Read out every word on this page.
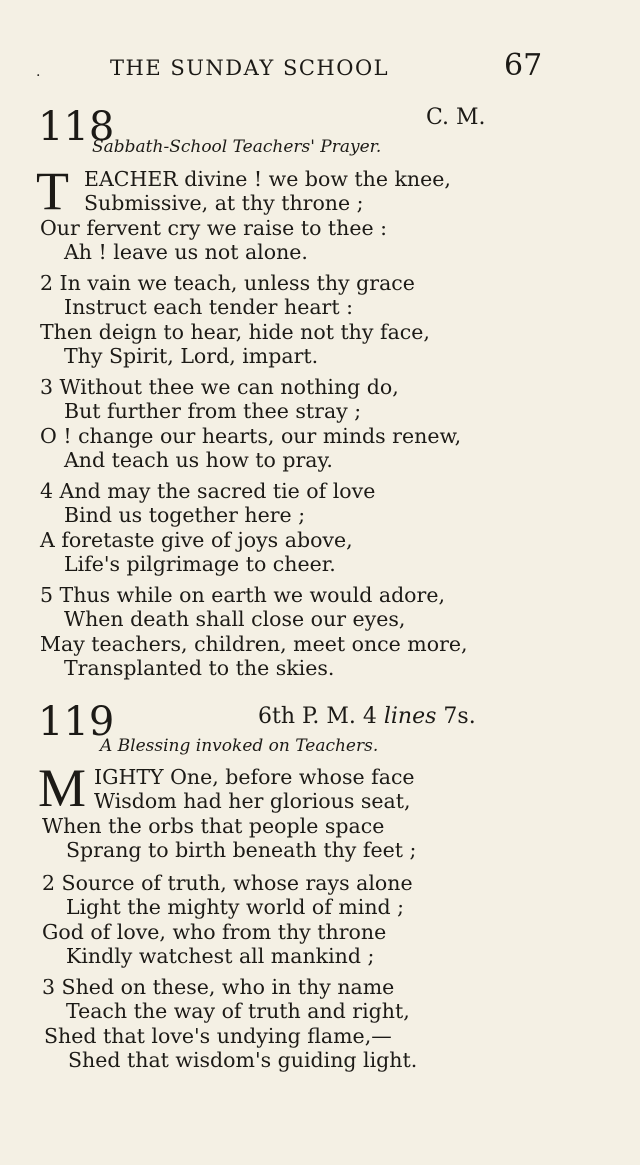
.	THE SUNDAY SCHOOL	67
118	C. M.
Sabbath-School Teachers' Prayer.
T EACHER divine ! we bow the knee,
Submissive, at thy throne ;
Our fervent cry we raise to thee :
Ah ! leave us not alone.
2 In vain we teach, unless thy grace
Instruct each tender heart :
Then deign to hear, hide not thy face,
Thy Spirit, Lord, impart.
3 Without thee we can nothing do,
But further from thee stray ;
O ! change our hearts, our minds renew,
And teach us how to pray.
4 And may the sacred tie of love
Bind us together here ;
A foretaste give of joys above,
Life's pilgrimage to cheer.
5 Thus while on earth we would adore,
When death shall close our eyes,
May teachers, children, meet once more,
Transplanted to the skies.
119	6th P. M. 4 lines 7s.
A Blessing invoked on Teachers.
M IGHTY One, before whose face
Wisdom had her glorious seat,
When the orbs that people space
Sprang to birth beneath thy feet ;
2 Source of truth, whose rays alone
Light the mighty world of mind ;
God of love, who from thy throne
Kindly watchest all mankind ;
3 Shed on these, who in thy name
Teach the way of truth and right,
Shed that love's undying flame,—
Shed that wisdom's guiding light.
